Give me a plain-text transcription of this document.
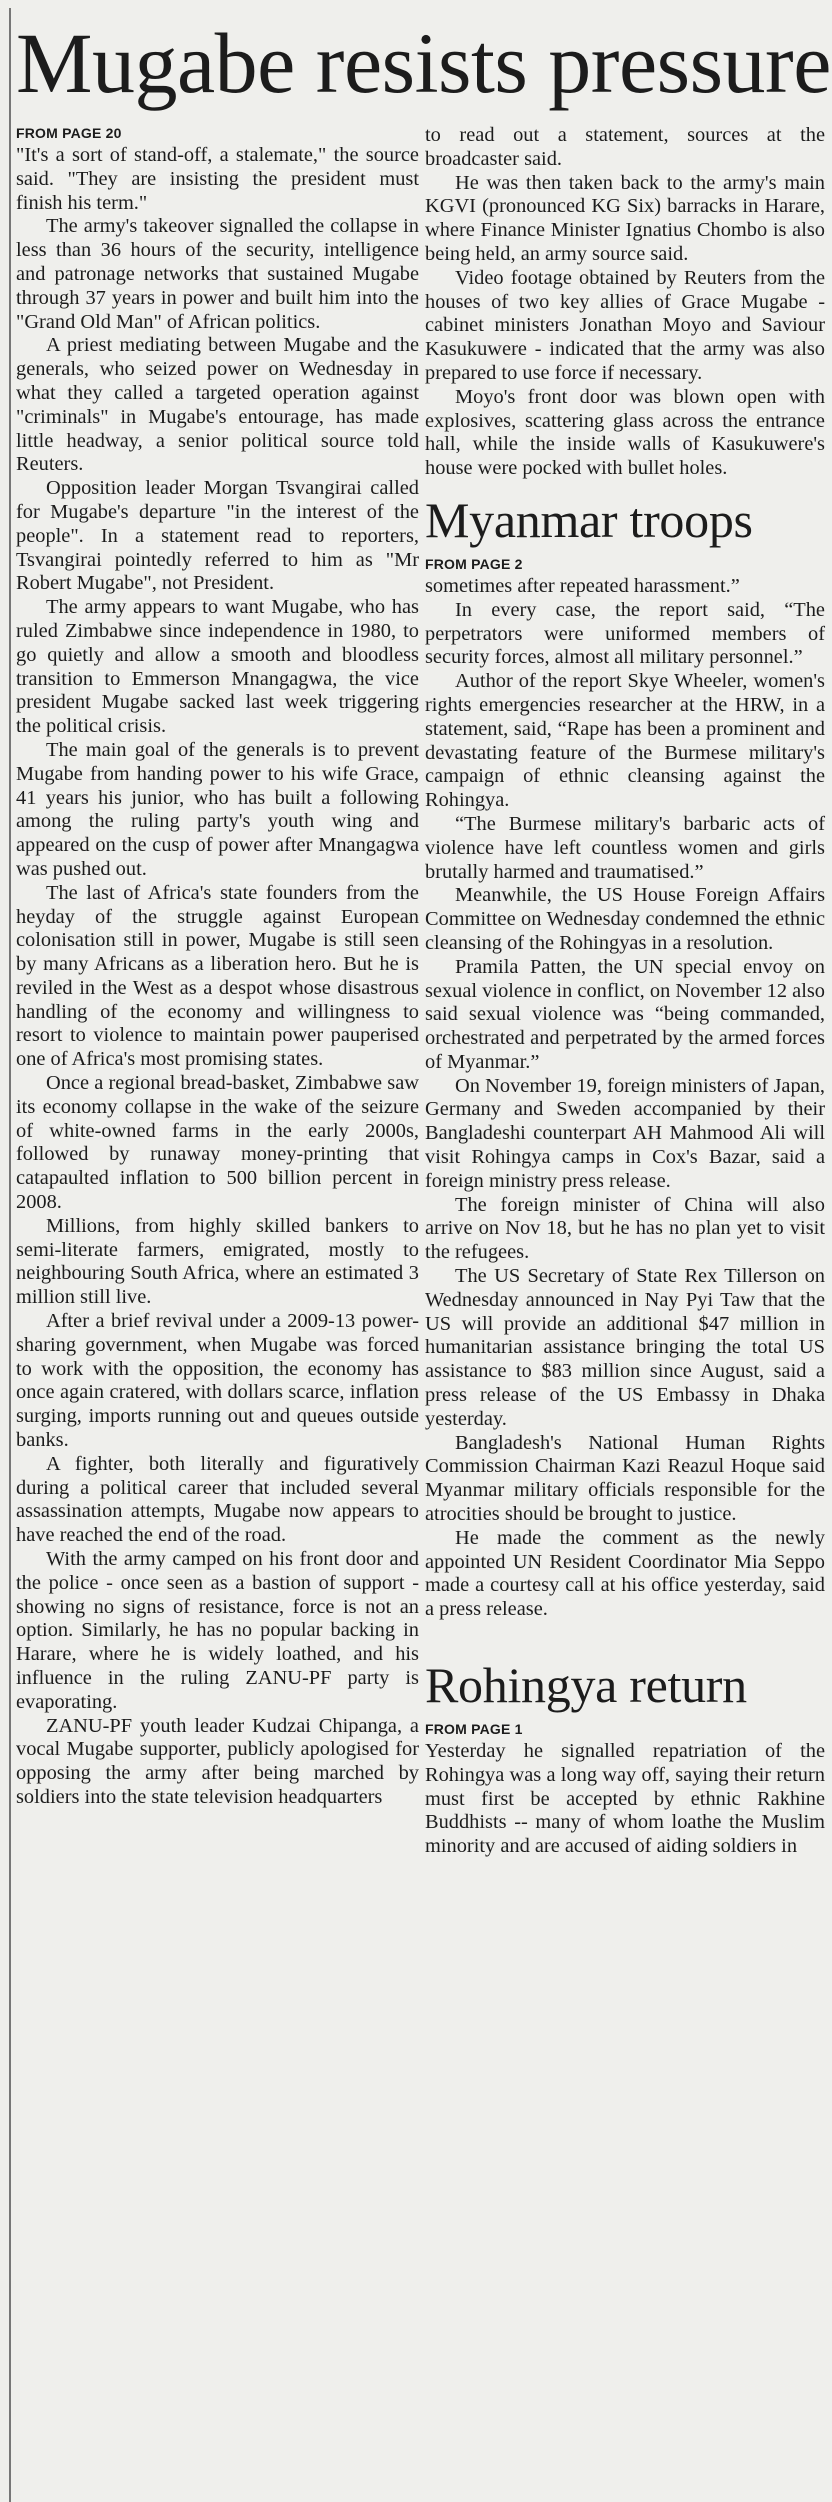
Mugabe resists pressure
FROM PAGE 20

"It's a sort of stand-off, a stalemate," the source said. "They are insisting the president must finish his term."

The army's takeover signalled the collapse in less than 36 hours of the security, intelligence and patronage networks that sustained Mugabe through 37 years in power and built him into the "Grand Old Man" of African politics.

A priest mediating between Mugabe and the generals, who seized power on Wednesday in what they called a targeted operation against "criminals" in Mugabe's entourage, has made little headway, a senior political source told Reuters.

Opposition leader Morgan Tsvangirai called for Mugabe's departure "in the interest of the people". In a statement read to reporters, Tsvangirai pointedly referred to him as "Mr Robert Mugabe", not President.

The army appears to want Mugabe, who has ruled Zimbabwe since independence in 1980, to go quietly and allow a smooth and bloodless transition to Emmerson Mnangagwa, the vice president Mugabe sacked last week triggering the political crisis.

The main goal of the generals is to prevent Mugabe from handing power to his wife Grace, 41 years his junior, who has built a following among the ruling party's youth wing and appeared on the cusp of power after Mnangagwa was pushed out.

The last of Africa's state founders from the heyday of the struggle against European colonisation still in power, Mugabe is still seen by many Africans as a liberation hero. But he is reviled in the West as a despot whose disastrous handling of the economy and willingness to resort to violence to maintain power pauperised one of Africa's most promising states.

Once a regional bread-basket, Zimbabwe saw its economy collapse in the wake of the seizure of white-owned farms in the early 2000s, followed by runaway money-printing that catapaulted inflation to 500 billion percent in 2008.

Millions, from highly skilled bankers to semi-literate farmers, emigrated, mostly to neighbouring South Africa, where an estimated 3 million still live.

After a brief revival under a 2009-13 power-sharing government, when Mugabe was forced to work with the opposition, the economy has once again cratered, with dollars scarce, inflation surging, imports running out and queues outside banks.

A fighter, both literally and figuratively during a political career that included several assassination attempts, Mugabe now appears to have reached the end of the road.

With the army camped on his front door and the police - once seen as a bastion of support - showing no signs of resistance, force is not an option. Similarly, he has no popular backing in Harare, where he is widely loathed, and his influence in the ruling ZANU-PF party is evaporating.

ZANU-PF youth leader Kudzai Chipanga, a vocal Mugabe supporter, publicly apologised for opposing the army after being marched by soldiers into the state television headquarters

to read out a statement, sources at the broadcaster said.

He was then taken back to the army's main KGVI (pronounced KG Six) barracks in Harare, where Finance Minister Ignatius Chombo is also being held, an army source said.

Video footage obtained by Reuters from the houses of two key allies of Grace Mugabe - cabinet ministers Jonathan Moyo and Saviour Kasukuwere - indicated that the army was also prepared to use force if necessary.

Moyo's front door was blown open with explosives, scattering glass across the entrance hall, while the inside walls of Kasukuwere's house were pocked with bullet holes.

Myanmar troops
FROM PAGE 2

sometimes after repeated harassment.”

In every case, the report said, “The perpetrators were uniformed members of security forces, almost all military personnel.”

Author of the report Skye Wheeler, women's rights emergencies researcher at the HRW, in a statement, said, “Rape has been a prominent and devastating feature of the Burmese military's campaign of ethnic cleansing against the Rohingya.

“The Burmese military's barbaric acts of violence have left countless women and girls brutally harmed and traumatised.”

Meanwhile, the US House Foreign Affairs Committee on Wednesday condemned the ethnic cleansing of the Rohingyas in a resolution.

Pramila Patten, the UN special envoy on sexual violence in conflict, on November 12 also said sexual violence was “being commanded, orchestrated and perpetrated by the armed forces of Myanmar.”

On November 19, foreign ministers of Japan, Germany and Sweden accompanied by their Bangladeshi counterpart AH Mahmood Ali will visit Rohingya camps in Cox's Bazar, said a foreign ministry press release.

The foreign minister of China will also arrive on Nov 18, but he has no plan yet to visit the refugees.

The US Secretary of State Rex Tillerson on Wednesday announced in Nay Pyi Taw that the US will provide an additional $47 million in humanitarian assistance bringing the total US assistance to $83 million since August, said a press release of the US Embassy in Dhaka yesterday.

Bangladesh's National Human Rights Commission Chairman Kazi Reazul Hoque said Myanmar military officials responsible for the atrocities should be brought to justice.

He made the comment as the newly appointed UN Resident Coordinator Mia Seppo made a courtesy call at his office yesterday, said a press release.

Rohingya return
FROM PAGE 1

Yesterday he signalled repatriation of the Rohingya was a long way off, saying their return must first be accepted by ethnic Rakhine Buddhists -- many of whom loathe the Muslim minority and are accused of aiding soldiers in
